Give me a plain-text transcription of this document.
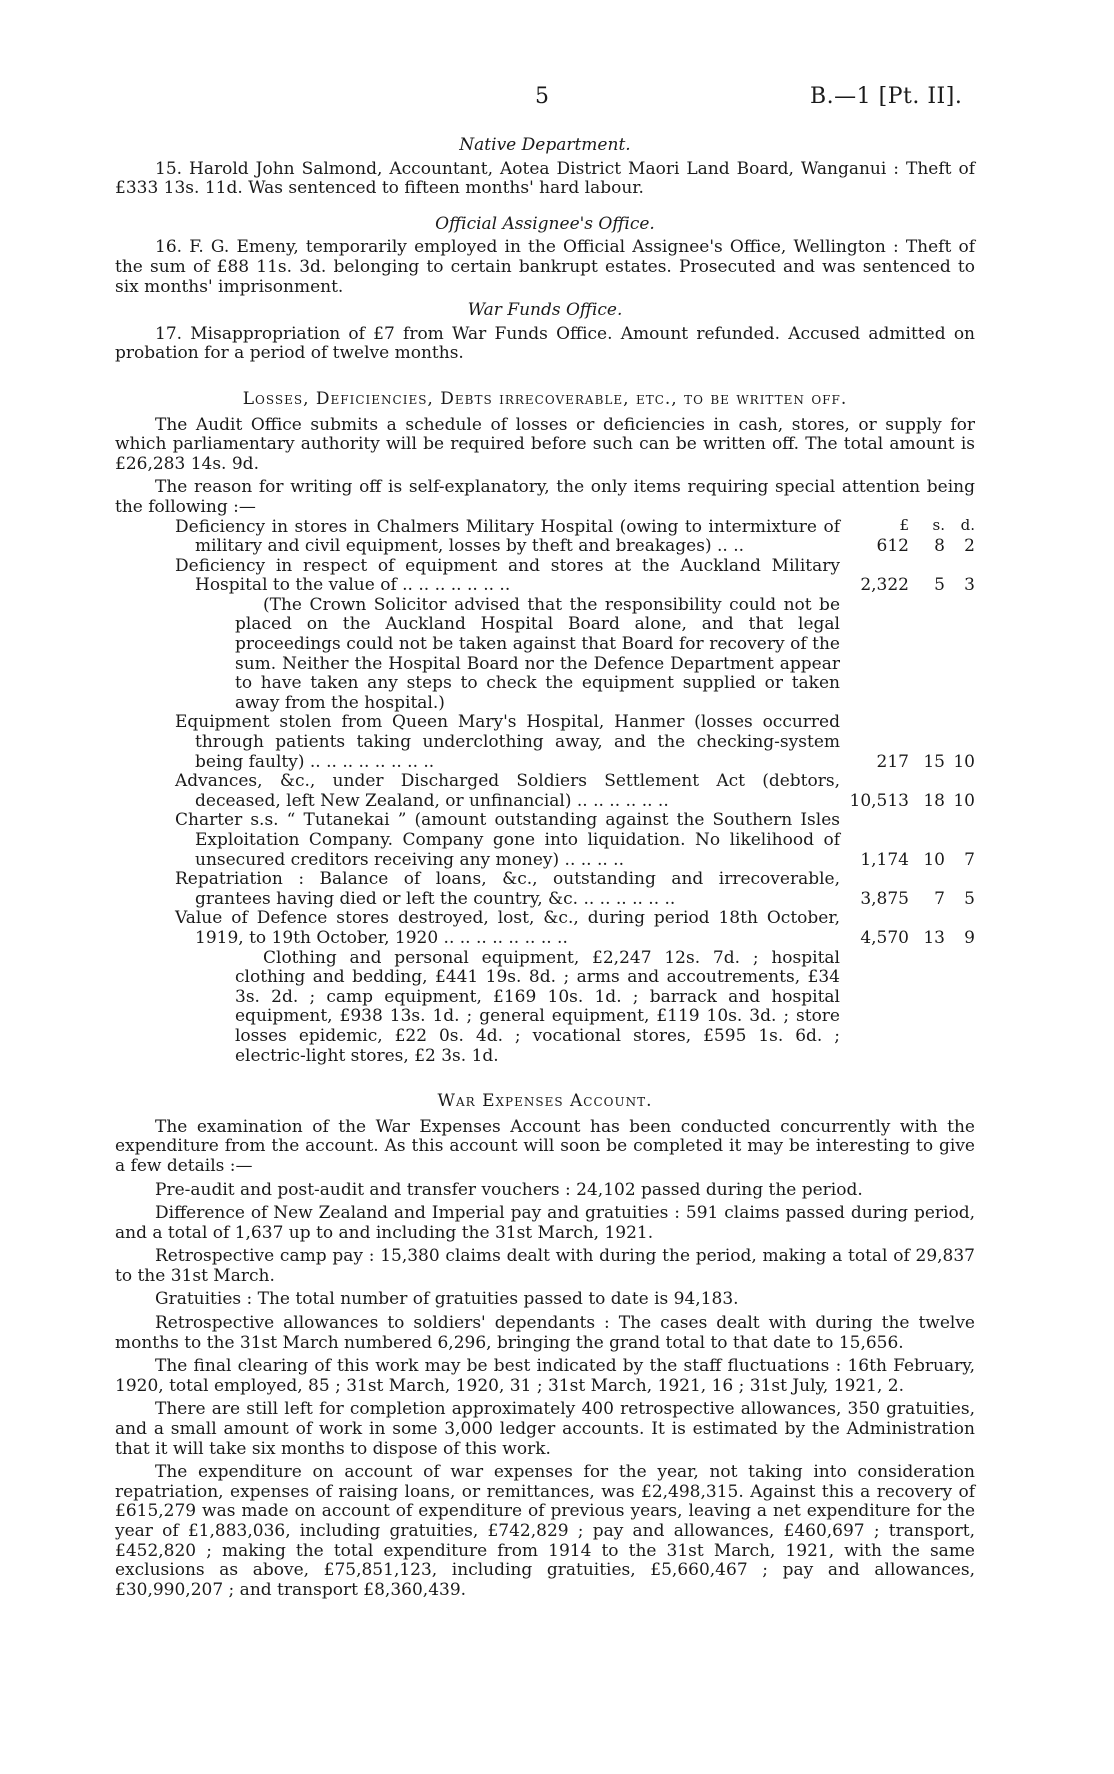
5	B.—1 [Pt. II].
Native Department.

15. Harold John Salmond, Accountant, Aotea District Maori Land Board, Wanganui : Theft of £333 13s. 11d. Was sentenced to fifteen months' hard labour.

Official Assignee's Office.

16. F. G. Emeny, temporarily employed in the Official Assignee's Office, Wellington : Theft of the sum of £88 11s. 3d. belonging to certain bankrupt estates. Prosecuted and was sentenced to six months' imprisonment.

War Funds Office.

17. Misappropriation of £7 from War Funds Office. Amount refunded. Accused admitted on probation for a period of twelve months.

Losses, Deficiencies, Debts irrecoverable, etc., to be written off.

The Audit Office submits a schedule of losses or deficiencies in cash, stores, or supply for which parliamentary authority will be required before such can be written off. The total amount is £26,283 14s. 9d.

The reason for writing off is self-explanatory, the only items requiring special attention being the following :—

£	s.	d.
Deficiency in stores in Chalmers Military Hospital (owing to intermixture of military and civil equipment, losses by theft and breakages) .. ..	612	8	2
Deficiency in respect of equipment and stores at the Auckland Military Hospital to the value of .. .. .. .. .. .. ..	2,322	5	3

(The Crown Solicitor advised that the responsibility could not be placed on the Auckland Hospital Board alone, and that legal proceedings could not be taken against that Board for recovery of the sum. Neither the Hospital Board nor the Defence Department appear to have taken any steps to check the equipment supplied or taken away from the hospital.)

Equipment stolen from Queen Mary's Hospital, Hanmer (losses occurred through patients taking underclothing away, and the checking-system being faulty) .. .. .. .. .. .. .. ..	217 15 10
Advances, &c., under Discharged Soldiers Settlement Act (debtors, deceased, left New Zealand, or unfinancial) .. .. .. .. .. ..	10,513 18 10
Charter s.s. “ Tutanekai ” (amount outstanding against the Southern Isles Exploitation Company. Company gone into liquidation. No likelihood of unsecured creditors receiving any money) .. .. .. ..	1,174 10	7
Repatriation : Balance of loans, &c., outstanding and irrecoverable, grantees having died or left the country, &c. .. .. .. .. .. ..	3,875	7	5
Value of Defence stores destroyed, lost, &c., during period 18th October, 1919, to 19th October, 1920 .. .. .. .. .. .. .. ..	4,570 13	9

Clothing and personal equipment, £2,247 12s. 7d. ; hospital clothing and bedding, £441 19s. 8d. ; arms and accoutrements, £34 3s. 2d. ; camp equipment, £169 10s. 1d. ; barrack and hospital equipment, £938 13s. 1d. ; general equipment, £119 10s. 3d. ; store losses epidemic, £22 0s. 4d. ; vocational stores, £595 1s. 6d. ; electric-light stores, £2 3s. 1d.

War Expenses Account.

The examination of the War Expenses Account has been conducted concurrently with the expenditure from the account. As this account will soon be completed it may be interesting to give a few details :—

Pre-audit and post-audit and transfer vouchers : 24,102 passed during the period.

Difference of New Zealand and Imperial pay and gratuities : 591 claims passed during period, and a total of 1,637 up to and including the 31st March, 1921.

Retrospective camp pay : 15,380 claims dealt with during the period, making a total of 29,837 to the 31st March.

Gratuities : The total number of gratuities passed to date is 94,183.

Retrospective allowances to soldiers' dependants : The cases dealt with during the twelve months to the 31st March numbered 6,296, bringing the grand total to that date to 15,656.

The final clearing of this work may be best indicated by the staff fluctuations : 16th February, 1920, total employed, 85 ; 31st March, 1920, 31 ; 31st March, 1921, 16 ; 31st July, 1921, 2.

There are still left for completion approximately 400 retrospective allowances, 350 gratuities, and a small amount of work in some 3,000 ledger accounts. It is estimated by the Administration that it will take six months to dispose of this work.

The expenditure on account of war expenses for the year, not taking into consideration repatriation, expenses of raising loans, or remittances, was £2,498,315. Against this a recovery of £615,279 was made on account of expenditure of previous years, leaving a net expenditure for the year of £1,883,036, including gratuities, £742,829 ; pay and allowances, £460,697 ; transport, £452,820 ; making the total expenditure from 1914 to the 31st March, 1921, with the same exclusions as above, £75,851,123, including gratuities, £5,660,467 ; pay and allowances, £30,990,207 ; and transport £8,360,439.
